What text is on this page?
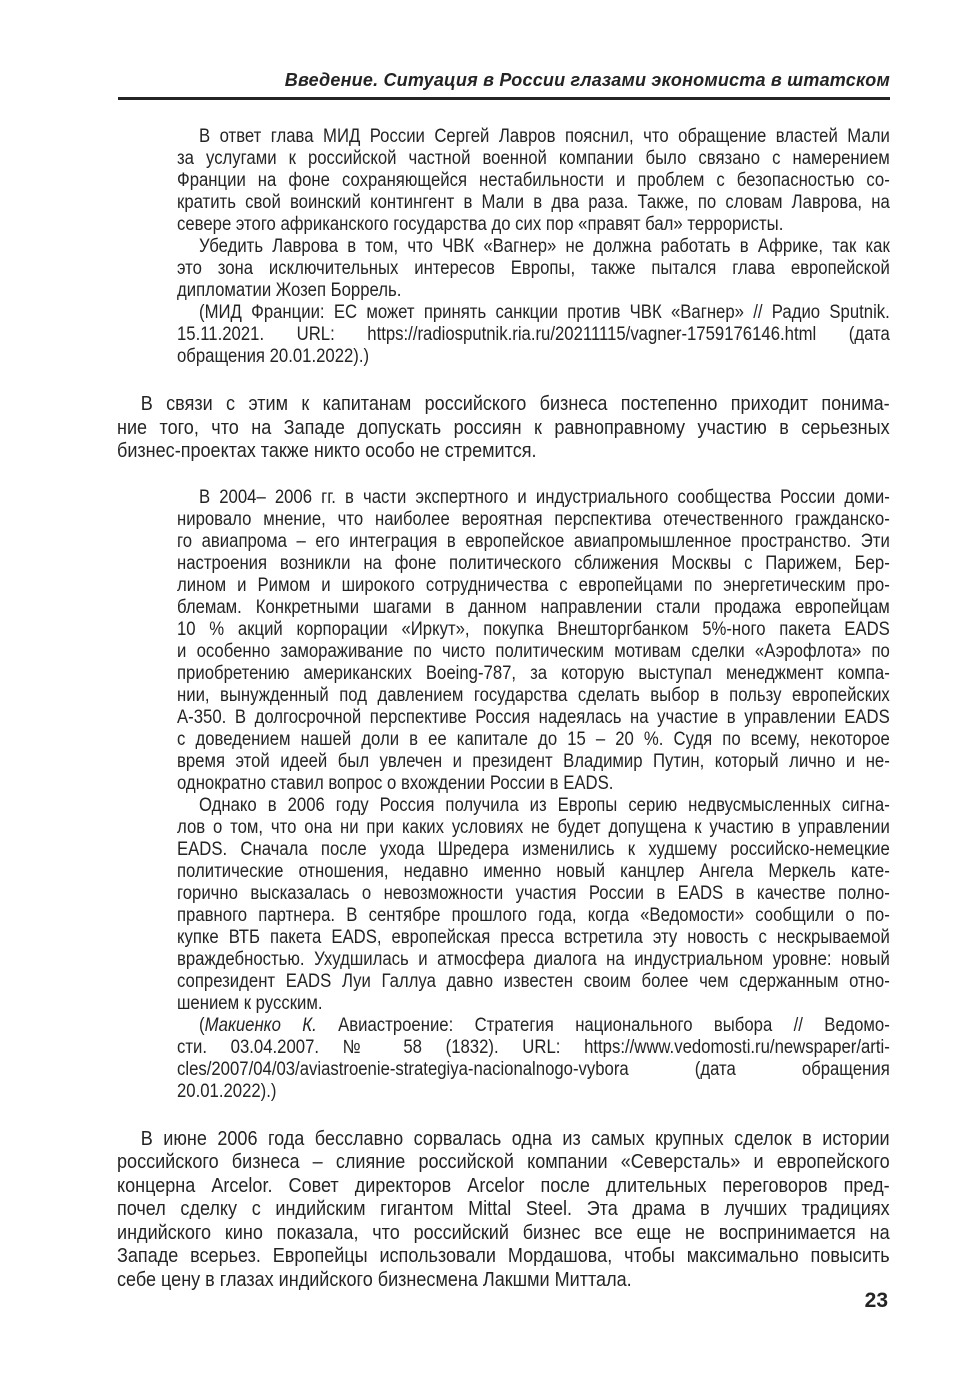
Введение. Ситуация в России глазами экономиста в штатском
В ответ глава МИД России Сергей Лавров пояснил, что обращение властей Мали
за услугами к российской частной военной компании было связано с намерением
Франции на фоне сохраняющейся нестабильности и проблем с безопасностью со-
кратить свой воинский контингент в Мали в два раза. Также, по словам Лаврова, на
севере этого африканского государства до сих пор «правят бал» террористы.
Убедить Лаврова в том, что ЧВК «Вагнер» не должна работать в Африке, так как
это зона исключительных интересов Европы, также пытался глава европейской
дипломатии Жозеп Боррель.
(МИД Франции: ЕС может принять санкции против ЧВК «Вагнер» // Радио Sputnik.
15.11.2021. URL: https://radiosputnik.ria.ru/20211115/vagner-1759176146.html (дата
обращения 20.01.2022).)
В связи с этим к капитанам российского бизнеса постепенно приходит понима-
ние того, что на Западе допускать россиян к равноправному участию в серьезных
бизнес-проектах также никто особо не стремится.
В 2004– 2006 гг. в части экспертного и индустриального сообщества России доми-
нировало мнение, что наиболее вероятная перспектива отечественного гражданско-
го авиапрома – его интеграция в европейское авиапромышленное пространство. Эти
настроения возникли на фоне политического сближения Москвы с Парижем, Бер-
лином и Римом и широкого сотрудничества с европейцами по энергетическим про-
блемам. Конкретными шагами в данном направлении стали продажа европейцам
10 % акций корпорации «Иркут», покупка Внешторгбанком 5%-ного пакета EADS
и особенно замораживание по чисто политическим мотивам сделки «Аэрофлота» по
приобретению американских Boeing-787, за которую выступал менеджмент компа-
нии, вынужденный под давлением государства сделать выбор в пользу европейских
А-350. В долгосрочной перспективе Россия надеялась на участие в управлении EADS
с доведением нашей доли в ее капитале до 15 – 20 %. Судя по всему, некоторое
время этой идеей был увлечен и президент Владимир Путин, который лично и не-
однократно ставил вопрос о вхождении России в EADS.
Однако в 2006 году Россия получила из Европы серию недвусмысленных сигна-
лов о том, что она ни при каких условиях не будет допущена к участию в управлении
EADS. Сначала после ухода Шредера изменились к худшему российско-немецкие
политические отношения, недавно именно новый канцлер Ангела Меркель кате-
горично высказалась о невозможности участия России в EADS в качестве полно-
правного партнера. В сентябре прошлого года, когда «Ведомости» сообщили о по-
купке ВТБ пакета EADS, европейская пресса встретила эту новость с нескрываемой
враждебностью. Ухудшилась и атмосфера диалога на индустриальном уровне: новый
сопрезидент EADS Луи Галлуа давно известен своим более чем сдержанным отно-
шением к русским.
(Макиенко К. Авиастроение: Стратегия национального выбора // Ведомо-
сти. 03.04.2007. № 58 (1832). URL: https://www.vedomosti.ru/newspaper/arti-
cles/2007/04/03/aviastroenie-strategiya-nacionalnogo-vybora (дата обращения
20.01.2022).)
В июне 2006 года бесславно сорвалась одна из самых крупных сделок в истории
российского бизнеса – слияние российской компании «Северсталь» и европейского
концерна Arcelor. Совет директоров Arcelor после длительных переговоров пред-
почел сделку с индийским гигантом Mittal Steel. Эта драма в лучших традициях
индийского кино показала, что российский бизнес все еще не воспринимается на
Западе всерьез. Европейцы использовали Мордашова, чтобы максимально повысить
себе цену в глазах индийского бизнесмена Лакшми Миттала.
23
